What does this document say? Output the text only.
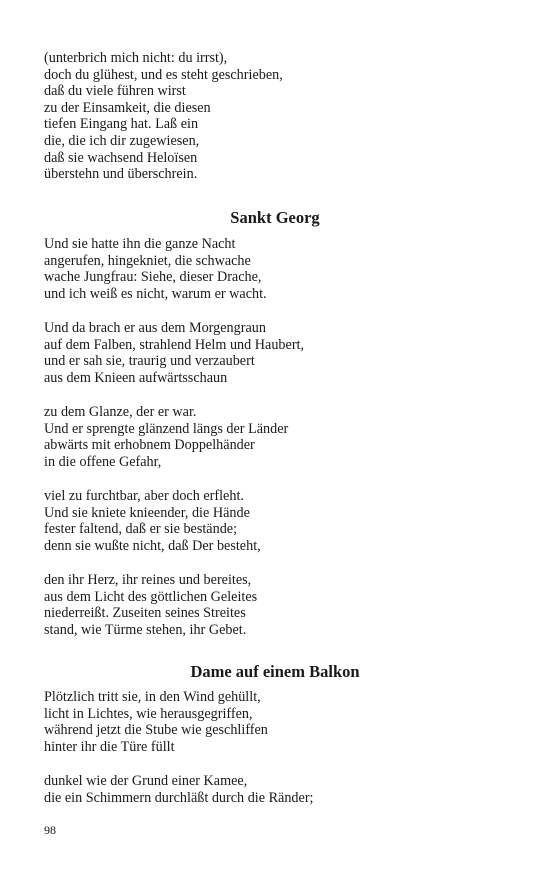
(unterbrich mich nicht: du irrst),
doch du glühest, und es steht geschrieben,
daß du viele führen wirst
zu der Einsamkeit, die diesen
tiefen Eingang hat. Laß ein
die, die ich dir zugewiesen,
daß sie wachsend Heloïsen
überstehn und überschrein.

Sankt Georg

Und sie hatte ihn die ganze Nacht
angerufen, hingekniet, die schwache
wache Jungfrau: Siehe, dieser Drache,
und ich weiß es nicht, warum er wacht.

Und da brach er aus dem Morgengraun
auf dem Falben, strahlend Helm und Haubert,
und er sah sie, traurig und verzaubert
aus dem Knieen aufwärtsschaun

zu dem Glanze, der er war.
Und er sprengte glänzend längs der Länder
abwärts mit erhobnem Doppelhänder
in die offene Gefahr,

viel zu furchtbar, aber doch erfleht.
Und sie kniete knieender, die Hände
fester faltend, daß er sie bestände;
denn sie wußte nicht, daß Der besteht,

den ihr Herz, ihr reines und bereites,
aus dem Licht des göttlichen Geleites
niederreißt. Zuseiten seines Streites
stand, wie Türme stehen, ihr Gebet.

Dame auf einem Balkon

Plötzlich tritt sie, in den Wind gehüllt,
licht in Lichtes, wie herausgegriffen,
während jetzt die Stube wie geschliffen
hinter ihr die Türe füllt

dunkel wie der Grund einer Kamee,
die ein Schimmern durchläßt durch die Ränder;

98
